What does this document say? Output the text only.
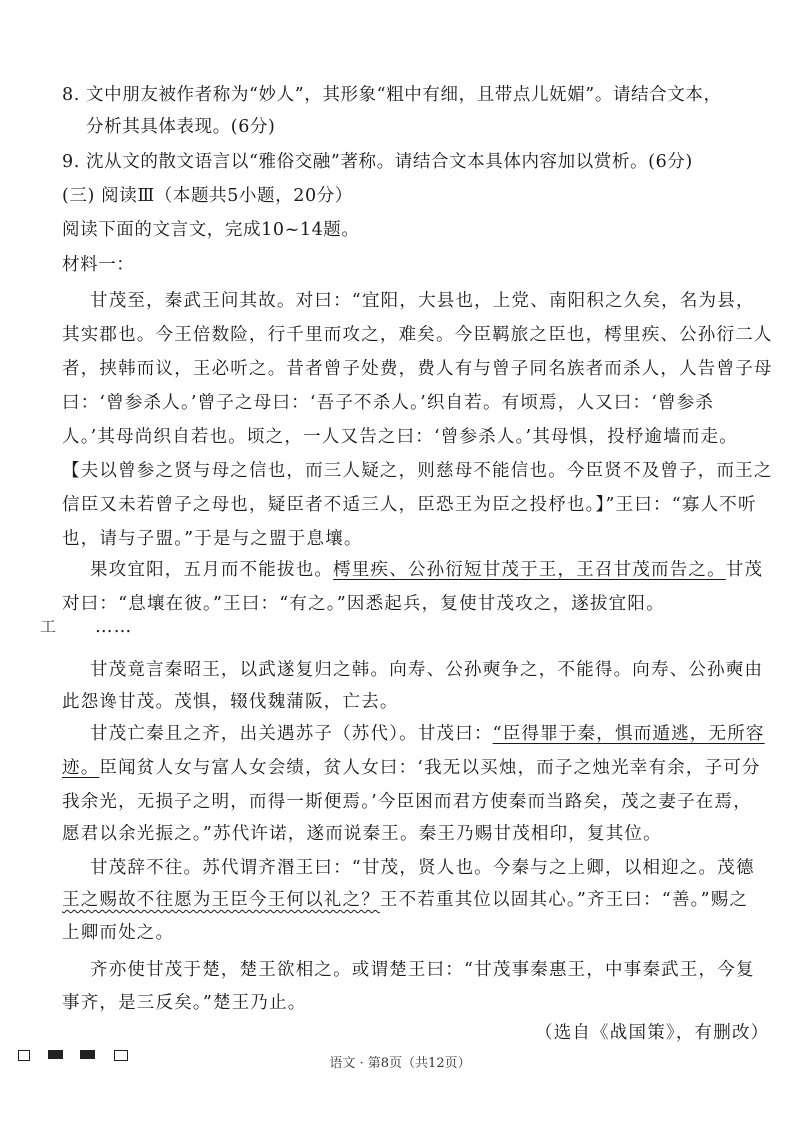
8. 文中朋友被作者称为“妙人”，其形象“粗中有细，且带点儿妩媚”。请结合文本，
分析其具体表现。(6分)
9. 沈从文的散文语言以“雅俗交融”著称。请结合文本具体内容加以赏析。(6分)
(三) 阅读Ⅲ（本题共5小题，20分）
阅读下面的文言文，完成10~14题。
材料一：
甘茂至，秦武王问其故。对曰：“宜阳，大县也，上党、南阳积之久矣，名为县，
其实郡也。今王倍数险，行千里而攻之，难矣。今臣羁旅之臣也，樗里疾、公孙衍二人
者，挟韩而议，王必听之。昔者曾子处费，费人有与曾子同名族者而杀人，人告曾子母
曰：‘曾参杀人。’曾子之母曰：‘吾子不杀人。’织自若。有顷焉，人又曰：‘曾参杀
人。’其母尚织自若也。顷之，一人又告之曰：‘曾参杀人。’其母惧，投杼逾墙而走。
【夫以曾参之贤与母之信也，而三人疑之，则慈母不能信也。今臣贤不及曾子，而王之
信臣又未若曾子之母也，疑臣者不适三人，臣恐王为臣之投杼也。】”王曰：“寡人不听
也，请与子盟。”于是与之盟于息壤。
果攻宜阳，五月而不能拔也。樗里疾、公孙衍短甘茂于王，王召甘茂而告之。甘茂
对曰：“息壤在彼。”王曰：“有之。”因悉起兵，复使甘茂攻之，遂拔宜阳。
工 ……
甘茂竟言秦昭王，以武遂复归之韩。向寿、公孙奭争之，不能得。向寿、公孙奭由
此怨谗甘茂。茂惧，辍伐魏蒲阪，亡去。
甘茂亡秦且之齐，出关遇苏子（苏代）。甘茂曰：“臣得罪于秦，惧而遁逃，无所容
迹。臣闻贫人女与富人女会绩，贫人女曰：‘我无以买烛，而子之烛光幸有余，子可分
我余光，无损子之明，而得一斯便焉。’今臣困而君方使秦而当路矣，茂之妻子在焉，
愿君以余光振之。”苏代许诺，遂而说秦王。秦王乃赐甘茂相印，复其位。
甘茂辞不往。苏代谓齐湣王曰：“甘茂，贤人也。今秦与之上卿，以相迎之。茂德
王之赐故不往愿为王臣今王何以礼之？王不若重其位以固其心。”齐王曰：“善。”赐之
上卿而处之。
齐亦使甘茂于楚，楚王欲相之。或谓楚王曰：“甘茂事秦惠王，中事秦武王，今复
事齐，是三反矣。”楚王乃止。
（选自《战国策》，有删改）
语文 · 第8页（共12页）
